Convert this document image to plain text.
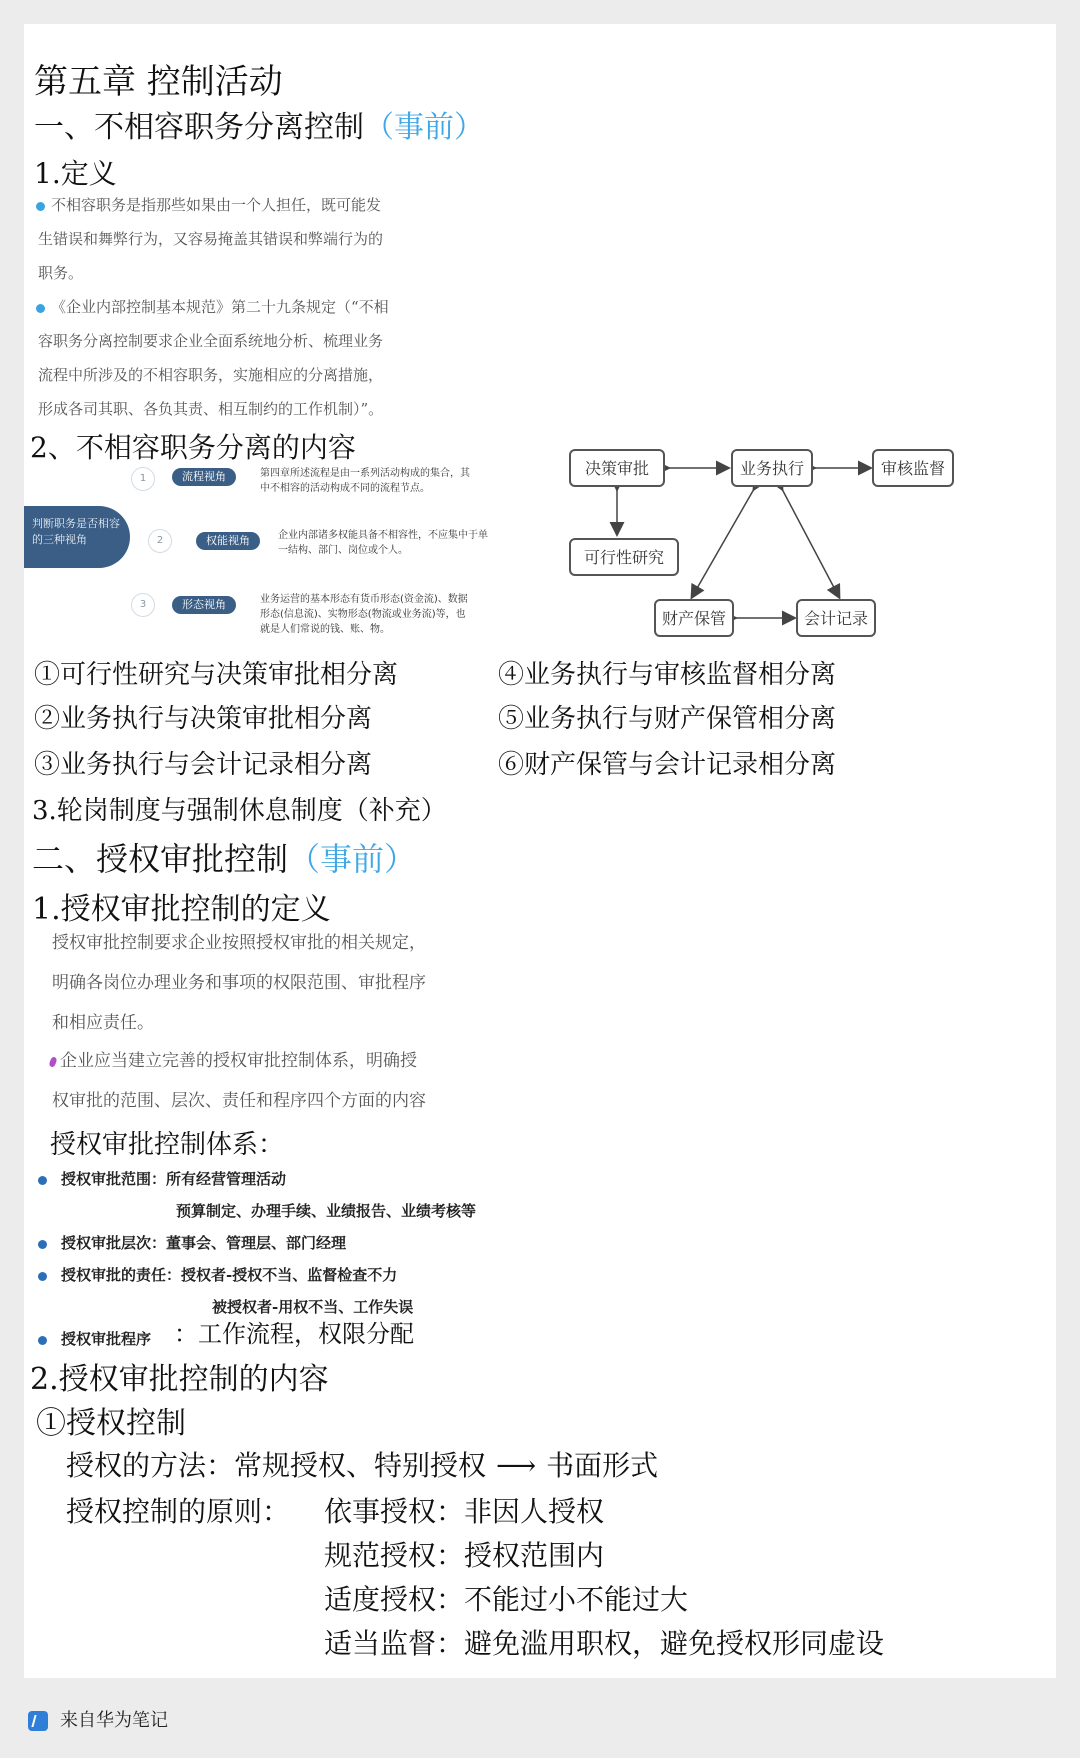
第五章 控制活动
一、不相容职务分离控制（事前）
1.定义
不相容职务是指那些如果由一个人担任，既可能发
生错误和舞弊行为，又容易掩盖其错误和弊端行为的
职务。
《企业内部控制基本规范》第二十九条规定（“不相
容职务分离控制要求企业全面系统地分析、梳理业务
流程中所涉及的不相容职务，实施相应的分离措施，
形成各司其职、各负其责、相互制约的工作机制）”。
2、不相容职务分离的内容
判断职务是否相容的三种视角
1	流程视角	第四章所述流程是由一系列活动构成的集合，其中不相容的活动构成不同的流程节点。
2	权能视角	企业内部诸多权能具备不相容性，不应集中于单一结构、部门、岗位或个人。
3	形态视角	业务运营的基本形态有货币形态(资金流)、数据形态(信息流)、实物形态(物流或业务流)等，也就是人们常说的钱、账、物。
决策审批	业务执行	审核监督
可行性研究
财产保管	会计记录
①可行性研究与决策审批相分离
②业务执行与决策审批相分离
③业务执行与会计记录相分离
④业务执行与审核监督相分离
⑤业务执行与财产保管相分离
⑥财产保管与会计记录相分离
3.轮岗制度与强制休息制度（补充）
二、授权审批控制（事前）
1.授权审批控制的定义
授权审批控制要求企业按照授权审批的相关规定，
明确各岗位办理业务和事项的权限范围、审批程序
和相应责任。
企业应当建立完善的授权审批控制体系，明确授
权审批的范围、层次、责任和程序四个方面的内容
授权审批控制体系：
授权审批范围：所有经营管理活动
预算制定、办理手续、业绩报告、业绩考核等
授权审批层次：董事会、管理层、部门经理
授权审批的责任：授权者-授权不当、监督检查不力
被授权者-用权不当、工作失误
授权审批程序 ：工作流程，权限分配
2.授权审批控制的内容
①授权控制
授权的方法：常规授权、特别授权 ⟶ 书面形式
授权控制的原则： 依事授权：非因人授权
规范授权：授权范围内
适度授权：不能过小不能过大
适当监督：避免滥用职权，避免授权形同虚设
来自华为笔记
